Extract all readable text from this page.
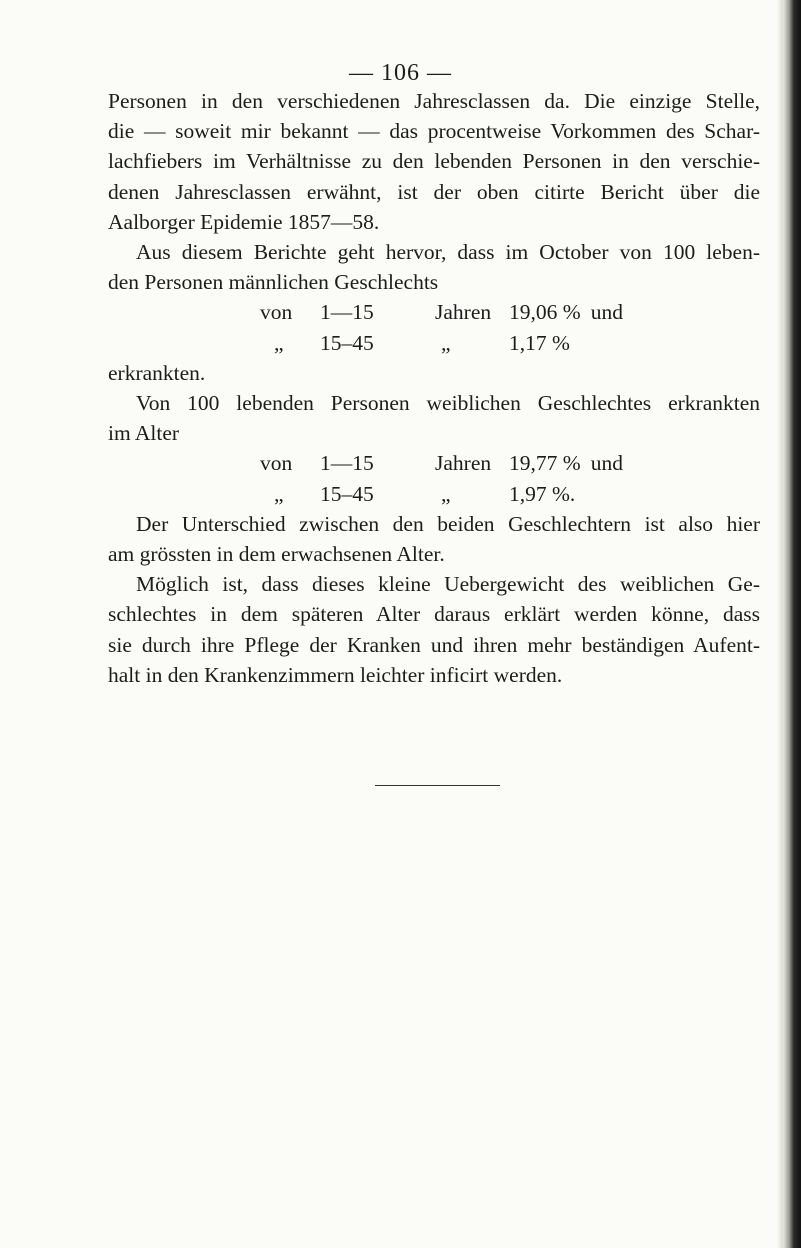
— 106 —
Personen in den verschiedenen Jahresclassen da. Die einzige Stelle,
die — soweit mir bekannt — das procentweise Vorkommen des Schar-
lachfiebers im Verhältnisse zu den lebenden Personen in den verschie-
denen Jahresclassen erwähnt, ist der oben citirte Bericht über die
Aalborger Epidemie 1857—58.
Aus diesem Berichte geht hervor, dass im October von 100 leben-
den Personen männlichen Geschlechts
von 1—15	Jahren 19,06 % und
„ 15–45	„	1,17 %
erkrankten.
Von 100 lebenden Personen weiblichen Geschlechtes erkrankten
im Alter
von 1—15	Jahren 19,77 % und
„ 15–45	„	1,97 %.
Der Unterschied zwischen den beiden Geschlechtern ist also hier
am grössten in dem erwachsenen Alter.
Möglich ist, dass dieses kleine Uebergewicht des weiblichen Ge-
schlechtes in dem späteren Alter daraus erklärt werden könne, dass
sie durch ihre Pflege der Kranken und ihren mehr beständigen Aufent-
halt in den Krankenzimmern leichter inficirt werden.
